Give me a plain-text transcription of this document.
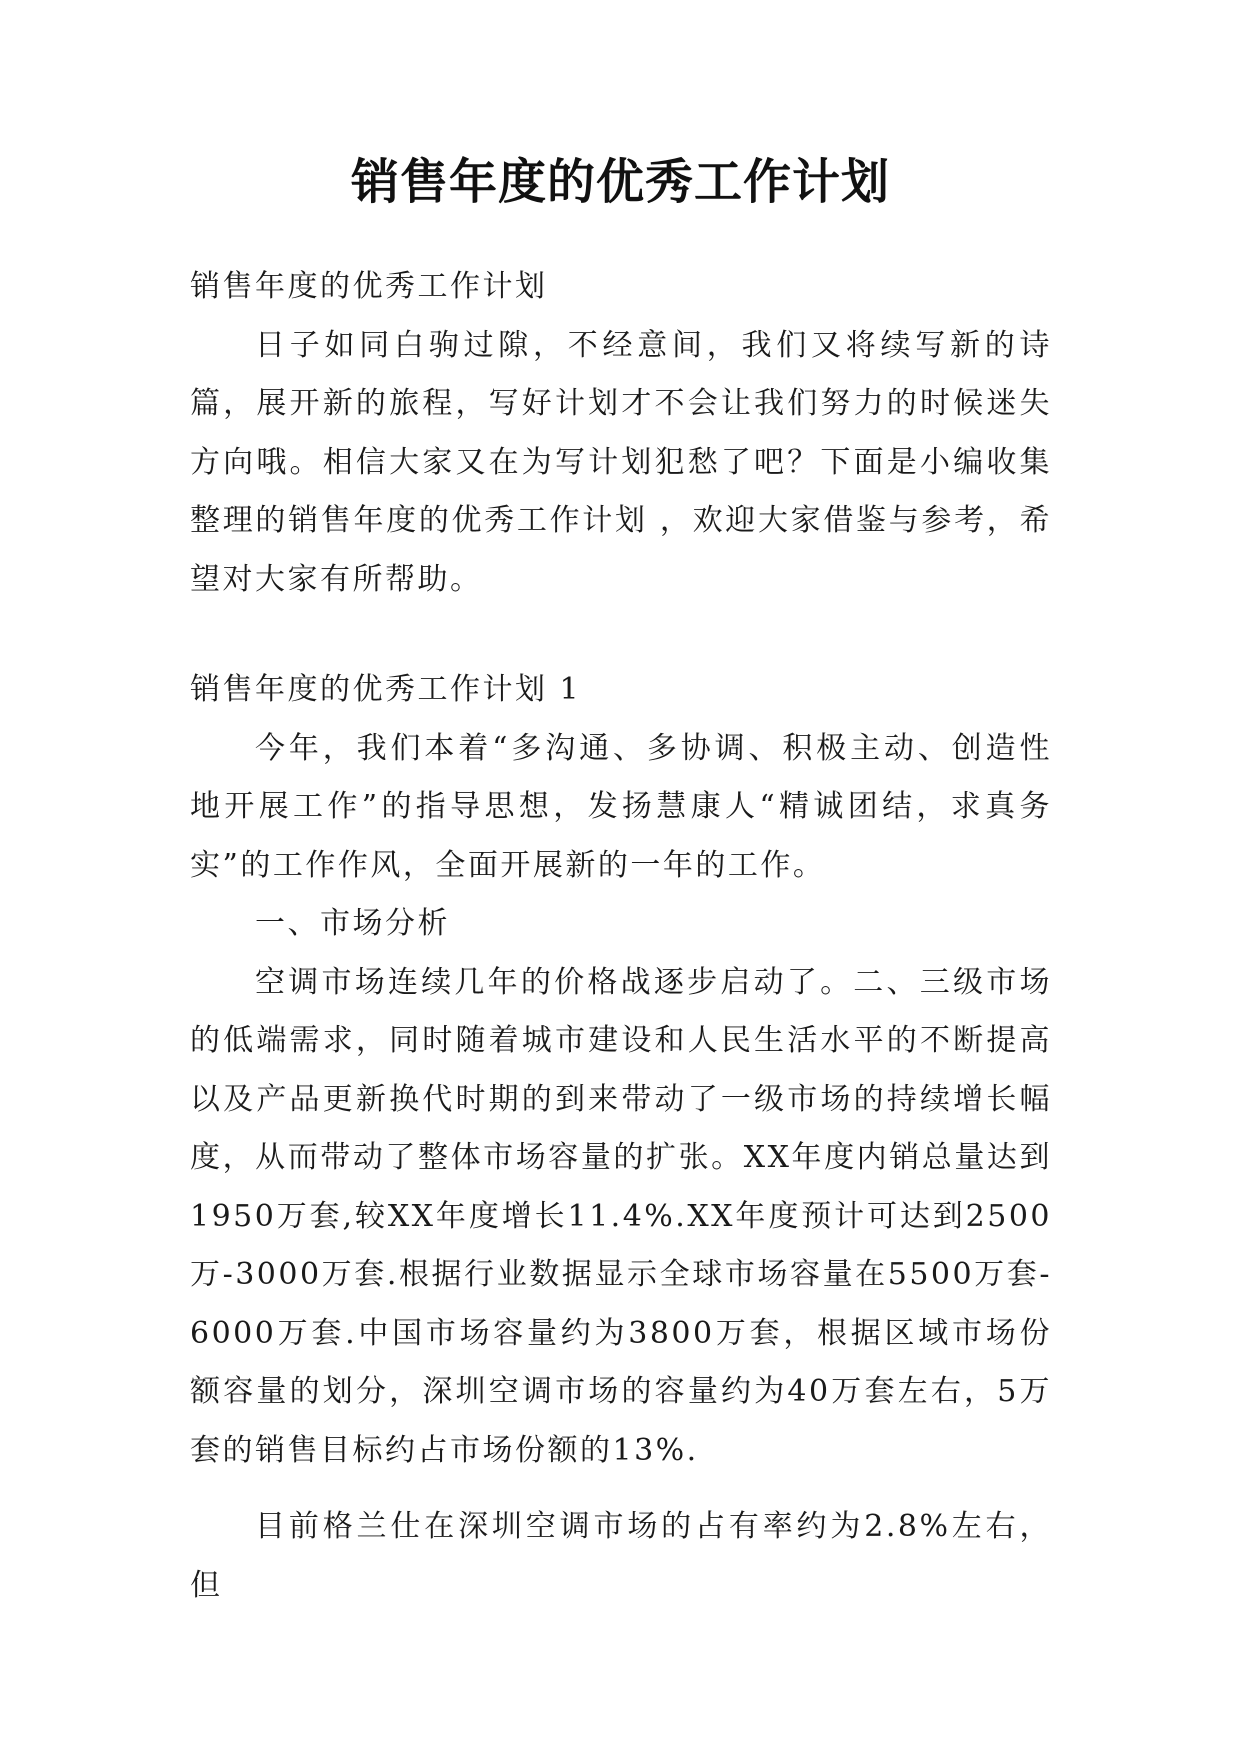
销售年度的优秀工作计划

销售年度的优秀工作计划

日子如同白驹过隙，不经意间，我们又将续写新的诗篇，展开新的旅程，写好计划才不会让我们努力的时候迷失方向哦。相信大家又在为写计划犯愁了吧？下面是小编收集整理的销售年度的优秀工作计划 ，欢迎大家借鉴与参考，希望对大家有所帮助。

销售年度的优秀工作计划 1

今年，我们本着“多沟通、多协调、积极主动、创造性地开展工作”的指导思想，发扬慧康人“精诚团结，求真务实”的工作作风，全面开展新的一年的工作。

一、市场分析

空调市场连续几年的价格战逐步启动了。二、三级市场的低端需求，同时随着城市建设和人民生活水平的不断提高以及产品更新换代时期的到来带动了一级市场的持续增长幅度，从而带动了整体市场容量的扩张。XX年度内销总量达到1950万套,较XX年度增长11.4%.XX年度预计可达到2500万-3000万套.根据行业数据显示全球市场容量在5500万套-6000万套.中国市场容量约为3800万套，根据区域市场份额容量的划分，深圳空调市场的容量约为40万套左右，5万套的销售目标约占市场份额的13%.

目前格兰仕在深圳空调市场的占有率约为2.8%左右，但
